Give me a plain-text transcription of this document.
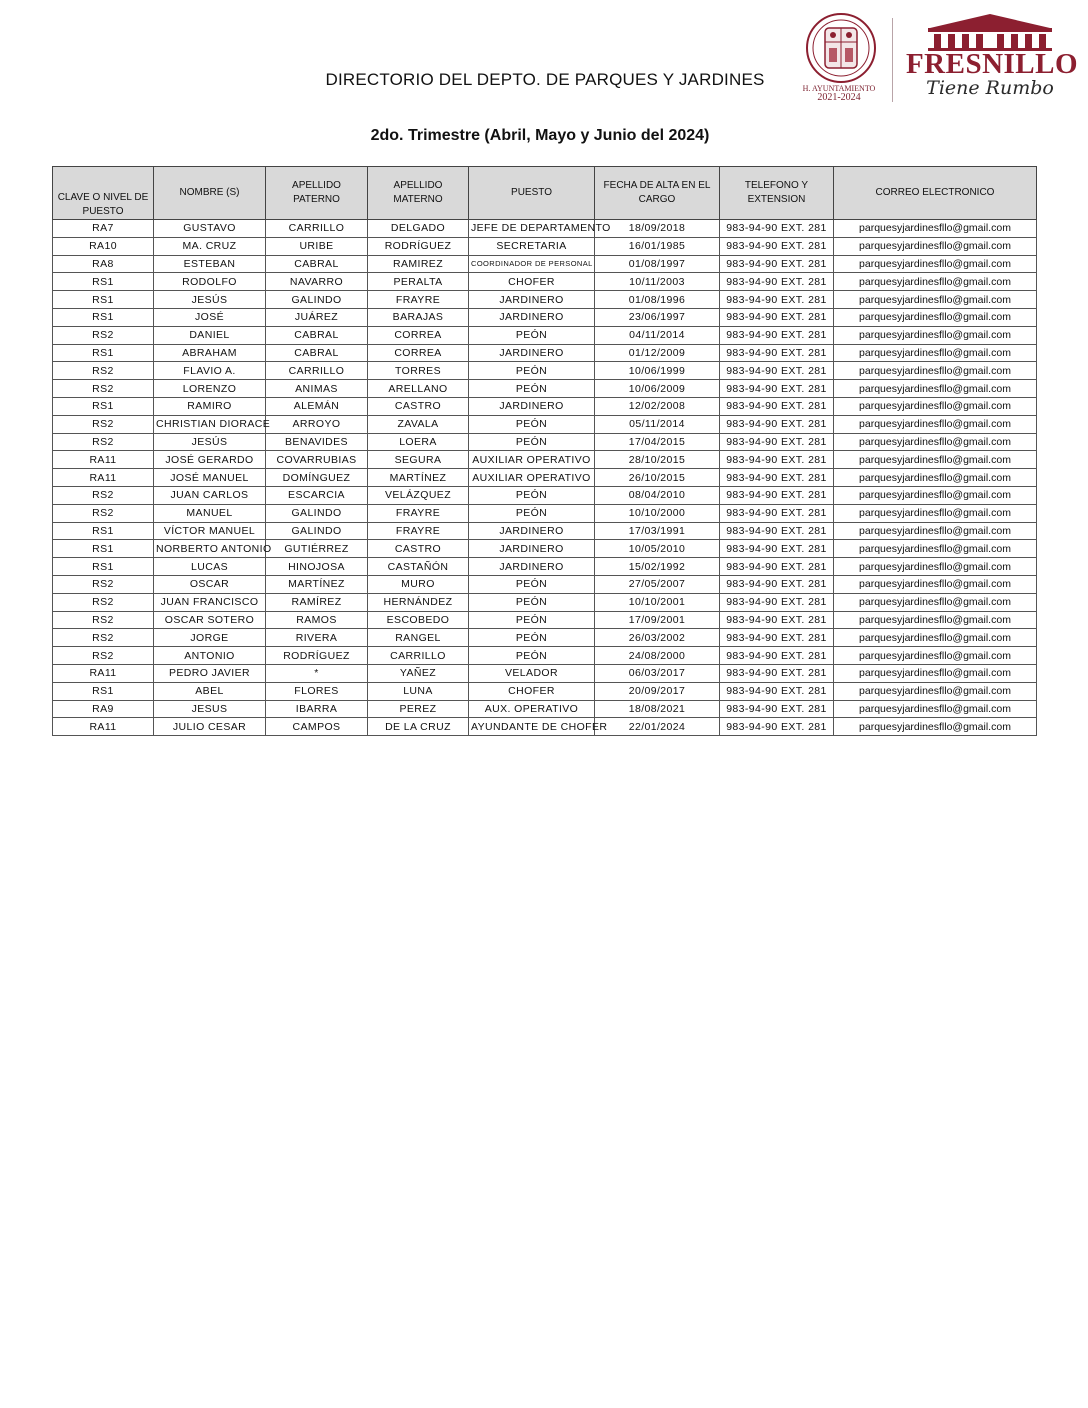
DIRECTORIO DEL DEPTO. DE PARQUES Y JARDINES
2do. Trimestre (Abril, Mayo y Junio del 2024)
H. AYUNTAMIENTO
2021-2024
FRESNILLO
Tiene Rumbo
CLAVE O NIVEL DE PUESTO	NOMBRE (S)	APELLIDO PATERNO	APELLIDO MATERNO	PUESTO	FECHA DE ALTA EN EL CARGO	TELEFONO Y EXTENSION	CORREO ELECTRONICO
RA7	GUSTAVO	CARRILLO	DELGADO	JEFE DE DEPARTAMENTO	18/09/2018	983-94-90 EXT. 281	parquesyjardinesfllo@gmail.com
RA10	MA. CRUZ	URIBE	RODRÍGUEZ	SECRETARIA	16/01/1985	983-94-90 EXT. 281	parquesyjardinesfllo@gmail.com
RA8	ESTEBAN	CABRAL	RAMIREZ	COORDINADOR DE PERSONAL	01/08/1997	983-94-90 EXT. 281	parquesyjardinesfllo@gmail.com
RS1	RODOLFO	NAVARRO	PERALTA	CHOFER	10/11/2003	983-94-90 EXT. 281	parquesyjardinesfllo@gmail.com
RS1	JESÚS	GALINDO	FRAYRE	JARDINERO	01/08/1996	983-94-90 EXT. 281	parquesyjardinesfllo@gmail.com
RS1	JOSÉ	JUÁREZ	BARAJAS	JARDINERO	23/06/1997	983-94-90 EXT. 281	parquesyjardinesfllo@gmail.com
RS2	DANIEL	CABRAL	CORREA	PEÓN	04/11/2014	983-94-90 EXT. 281	parquesyjardinesfllo@gmail.com
RS1	ABRAHAM	CABRAL	CORREA	JARDINERO	01/12/2009	983-94-90 EXT. 281	parquesyjardinesfllo@gmail.com
RS2	FLAVIO A.	CARRILLO	TORRES	PEÓN	10/06/1999	983-94-90 EXT. 281	parquesyjardinesfllo@gmail.com
RS2	LORENZO	ANIMAS	ARELLANO	PEÓN	10/06/2009	983-94-90 EXT. 281	parquesyjardinesfllo@gmail.com
RS1	RAMIRO	ALEMÁN	CASTRO	JARDINERO	12/02/2008	983-94-90 EXT. 281	parquesyjardinesfllo@gmail.com
RS2	CHRISTIAN DIORACE	ARROYO	ZAVALA	PEÓN	05/11/2014	983-94-90 EXT. 281	parquesyjardinesfllo@gmail.com
RS2	JESÚS	BENAVIDES	LOERA	PEÓN	17/04/2015	983-94-90 EXT. 281	parquesyjardinesfllo@gmail.com
RA11	JOSÉ GERARDO	COVARRUBIAS	SEGURA	AUXILIAR OPERATIVO	28/10/2015	983-94-90 EXT. 281	parquesyjardinesfllo@gmail.com
RA11	JOSÉ MANUEL	DOMÍNGUEZ	MARTÍNEZ	AUXILIAR OPERATIVO	26/10/2015	983-94-90 EXT. 281	parquesyjardinesfllo@gmail.com
RS2	JUAN CARLOS	ESCARCIA	VELÁZQUEZ	PEÓN	08/04/2010	983-94-90 EXT. 281	parquesyjardinesfllo@gmail.com
RS2	MANUEL	GALINDO	FRAYRE	PEÓN	10/10/2000	983-94-90 EXT. 281	parquesyjardinesfllo@gmail.com
RS1	VÍCTOR MANUEL	GALINDO	FRAYRE	JARDINERO	17/03/1991	983-94-90 EXT. 281	parquesyjardinesfllo@gmail.com
RS1	NORBERTO ANTONIO	GUTIÉRREZ	CASTRO	JARDINERO	10/05/2010	983-94-90 EXT. 281	parquesyjardinesfllo@gmail.com
RS1	LUCAS	HINOJOSA	CASTAÑÓN	JARDINERO	15/02/1992	983-94-90 EXT. 281	parquesyjardinesfllo@gmail.com
RS2	OSCAR	MARTÍNEZ	MURO	PEÓN	27/05/2007	983-94-90 EXT. 281	parquesyjardinesfllo@gmail.com
RS2	JUAN FRANCISCO	RAMÍREZ	HERNÁNDEZ	PEÓN	10/10/2001	983-94-90 EXT. 281	parquesyjardinesfllo@gmail.com
RS2	OSCAR SOTERO	RAMOS	ESCOBEDO	PEÓN	17/09/2001	983-94-90 EXT. 281	parquesyjardinesfllo@gmail.com
RS2	JORGE	RIVERA	RANGEL	PEÓN	26/03/2002	983-94-90 EXT. 281	parquesyjardinesfllo@gmail.com
RS2	ANTONIO	RODRÍGUEZ	CARRILLO	PEÓN	24/08/2000	983-94-90 EXT. 281	parquesyjardinesfllo@gmail.com
RA11	PEDRO JAVIER	*	YAÑEZ	VELADOR	06/03/2017	983-94-90 EXT. 281	parquesyjardinesfllo@gmail.com
RS1	ABEL	FLORES	LUNA	CHOFER	20/09/2017	983-94-90 EXT. 281	parquesyjardinesfllo@gmail.com
RA9	JESUS	IBARRA	PEREZ	AUX. OPERATIVO	18/08/2021	983-94-90 EXT. 281	parquesyjardinesfllo@gmail.com
RA11	JULIO CESAR	CAMPOS	DE LA CRUZ	AYUNDANTE DE CHOFER	22/01/2024	983-94-90 EXT. 281	parquesyjardinesfllo@gmail.com
